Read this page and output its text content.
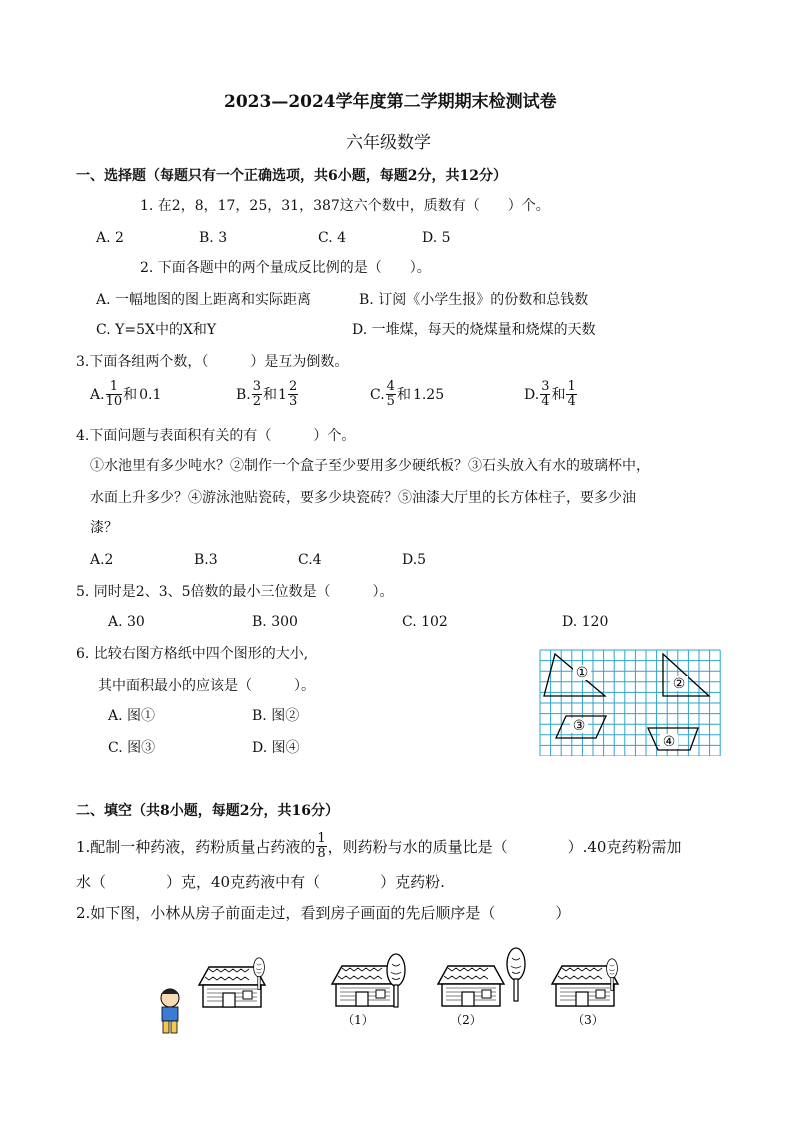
2023—2024学年度第二学期期末检测试卷
六年级数学
一、选择题（每题只有一个正确选项，共6小题，每题2分，共12分）
1. 在2，8，17，25，31，387这六个数中，质数有（　　）个。
A. 2	B. 3	C. 4	D. 5
2. 下面各题中的两个量成反比例的是（　　）。
A. 一幅地图的图上距离和实际距离	B. 订阅《小学生报》的份数和总钱数
C. Y=5X中的X和Y	D. 一堆煤，每天的烧煤量和烧煤的天数
3.下面各组两个数，（　　　）是互为倒数。
A. $\frac{1}{10}$ 和 0.1	B. $\frac{3}{2}$ 和 $1 \frac{2}{3}$	C. $\frac{4}{5}$ 和 1.25	D. $\frac{3}{4}$ 和 $\frac{1}{4}$
4.下面问题与表面积有关的有（　　　）个。
①水池里有多少吨水？②制作一个盒子至少要用多少硬纸板？③石头放入有水的玻璃杯中，
水面上升多少？④游泳池贴瓷砖，要多少块瓷砖？⑤油漆大厅里的长方体柱子，要多少油
漆？
A.2	B.3	C.4	D.5
5. 同时是2、3、5倍数的最小三位数是（　　　）。
A. 30	B. 300	C. 102	D. 120
6. 比较右图方格纸中四个图形的大小,
其中面积最小的应该是（　　　）。
A. 图①	B. 图②
C. 图③	D. 图④
①
②
③
④
二、填空（共8小题，每题2分，共16分）
1.配制一种药液，药粉质量占药液的 $\frac{1}{8}$ ，则药粉与水的质量比是（　　　　）.40克药粉需加
水（　　　　）克，40克药液中有（　　　　）克药粉.
2.如下图，小林从房子前面走过，看到房子画面的先后顺序是（　　　　）
（1）	（2）	（3）
